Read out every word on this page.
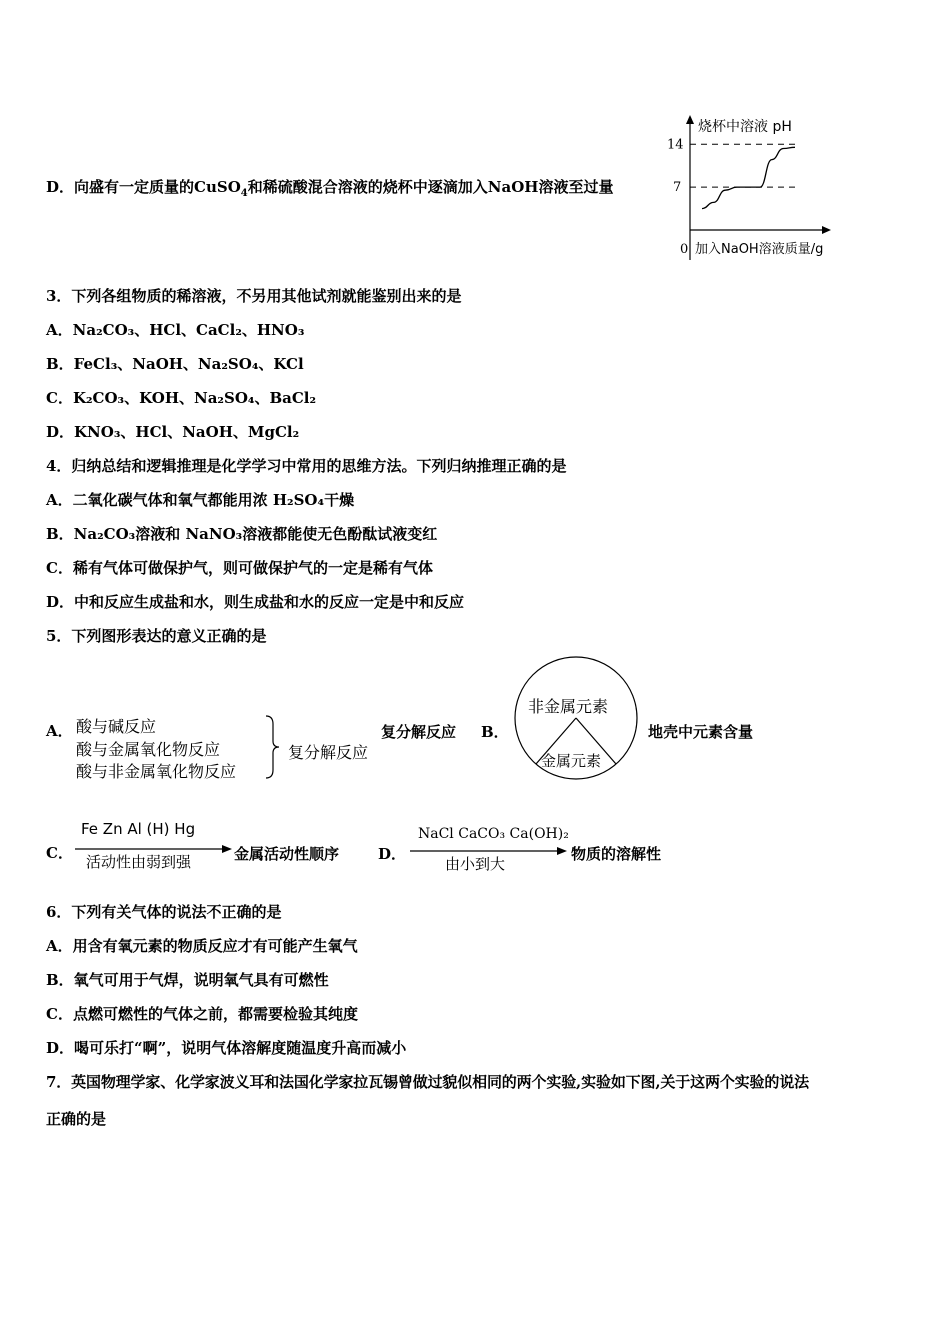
D．向盛有一定质量的CuSO$_4$和稀硫酸混合溶液的烧杯中逐滴加入NaOH溶液至过量
烧杯中溶液 pH
14
7
0 加入NaOH溶液质量/g
3．下列各组物质的稀溶液，不另用其他试剂就能鉴别出来的是
A．Na₂CO₃、HCl、CaCl₂、HNO₃
B．FeCl₃、NaOH、Na₂SO₄、KCl
C．K₂CO₃、KOH、Na₂SO₄、BaCl₂
D．KNO₃、HCl、NaOH、MgCl₂
4．归纳总结和逻辑推理是化学学习中常用的思维方法。下列归纳推理正确的是
A．二氧化碳气体和氧气都能用浓 H₂SO₄干燥
B．Na₂CO₃溶液和 NaNO₃溶液都能使无色酚酞试液变红
C．稀有气体可做保护气，则可做保护气的一定是稀有气体
D．中和反应生成盐和水，则生成盐和水的反应一定是中和反应
5．下列图形表达的意义正确的是
A． 酸与碱反应
酸与金属氧化物反应
酸与非金属氧化物反应
复分解反应
复分解反应 B．
非金属元素
金属元素
地壳中元素含量
C．
Fe Zn Al (H) Hg
活动性由弱到强	金属活动性顺序	D．
NaCl CaCO₃ Ca(OH)₂
由小到大
物质的溶解性
6．下列有关气体的说法不正确的是
A．用含有氧元素的物质反应才有可能产生氧气
B．氧气可用于气焊，说明氧气具有可燃性
C．点燃可燃性的气体之前，都需要检验其纯度
D．喝可乐打“啊”，说明气体溶解度随温度升高而减小
7．英国物理学家、化学家波义耳和法国化学家拉瓦锡曾做过貌似相同的两个实验,实验如下图,关于这两个实验的说法
正确的是
